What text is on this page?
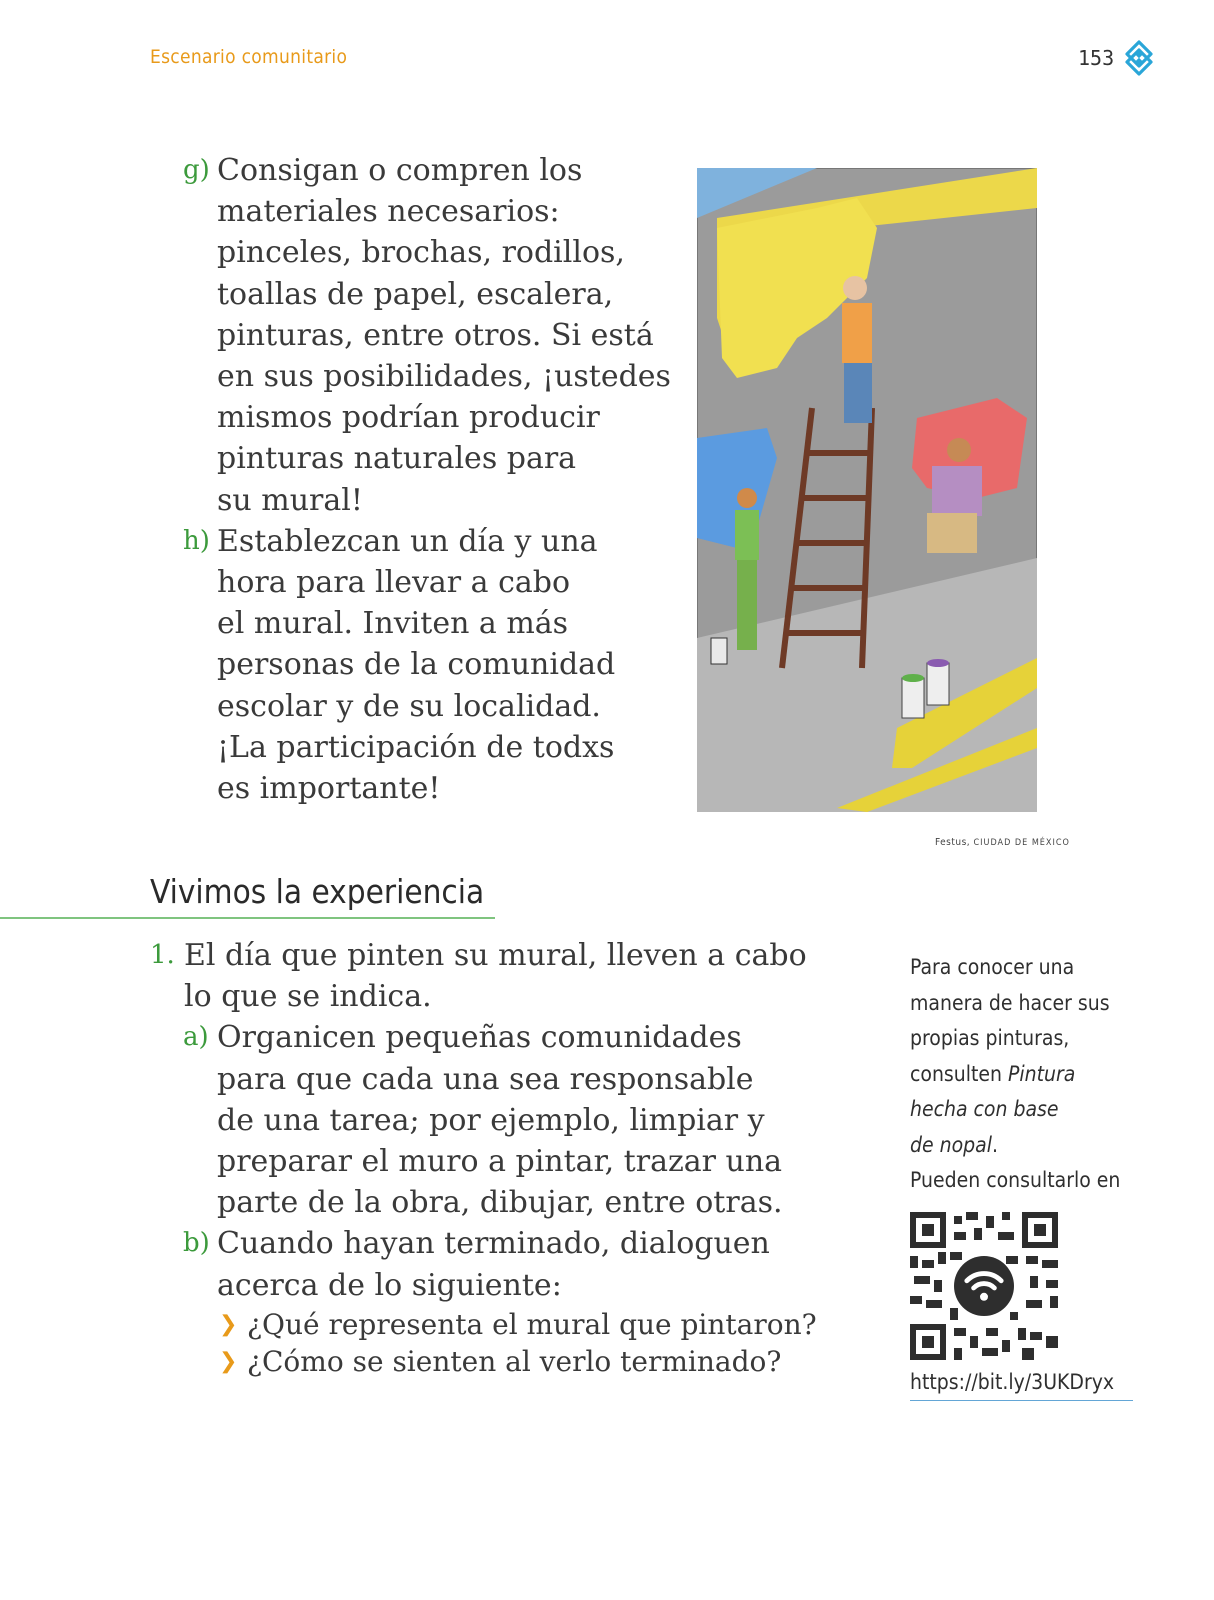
Escenario comunitario	153
g) Consigan o compren los
materiales necesarios:
pinceles, brochas, rodillos,
toallas de papel, escalera,
pinturas, entre otros. Si está
en sus posibilidades, ¡ustedes
mismos podrían producir
pinturas naturales para
su mural!
h) Establezcan un día y una
hora para llevar a cabo
el mural. Inviten a más
personas de la comunidad
escolar y de su localidad.
¡La participación de todxs
es importante!
Festus, CIUDAD DE MÉXICO
Vivimos la experiencia
1. El día que pinten su mural, lleven a cabo
lo que se indica.
a) Organicen pequeñas comunidades
para que cada una sea responsable
de una tarea; por ejemplo, limpiar y
preparar el muro a pintar, trazar una
parte de la obra, dibujar, entre otras.
b) Cuando hayan terminado, dialoguen
acerca de lo siguiente:
❯ ¿Qué representa el mural que pintaron?
❯ ¿Cómo se sienten al verlo terminado?
Para conocer una
manera de hacer sus
propias pinturas,
consulten Pintura
hecha con base
de nopal.
Pueden consultarlo en
https://bit.ly/3UKDryx
